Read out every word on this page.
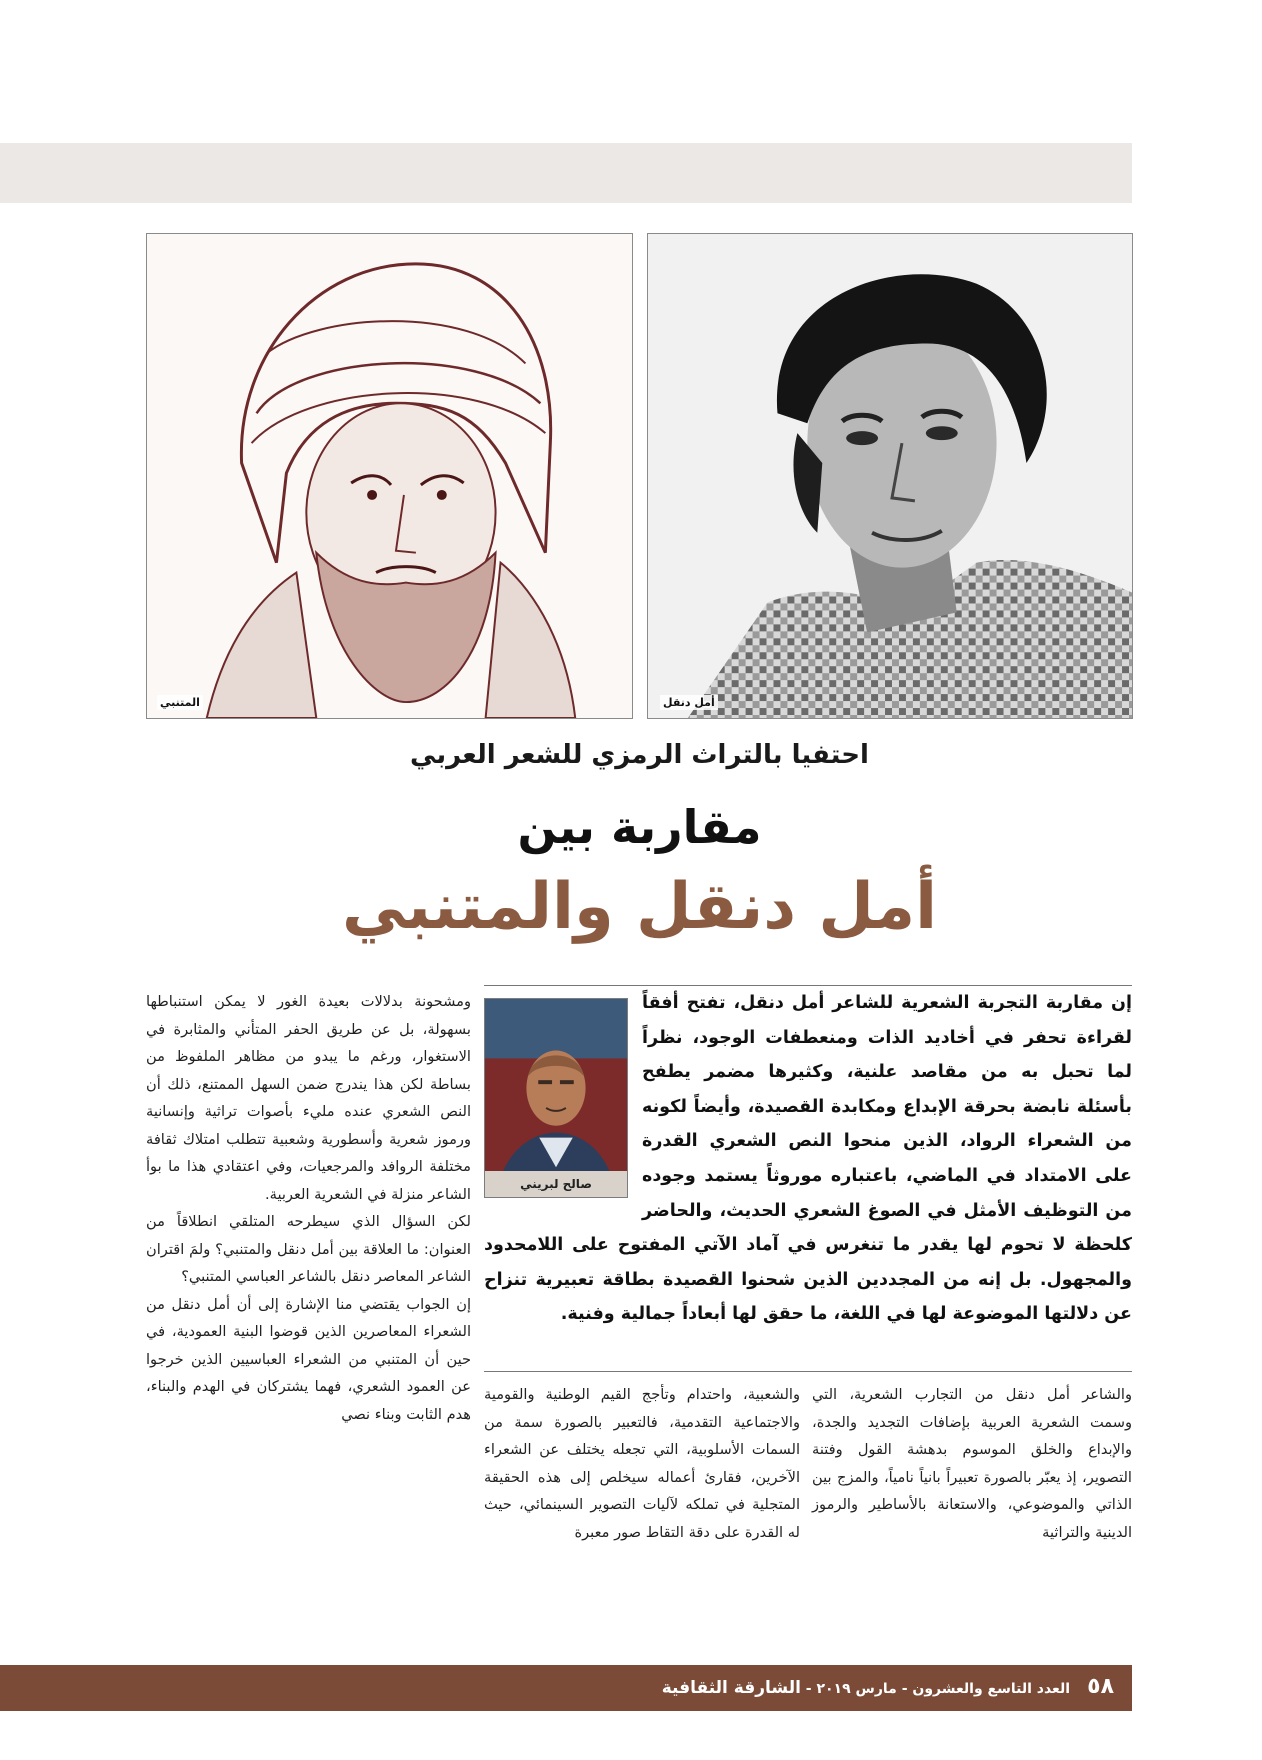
المتنبي	أمل دنقل
احتفيا بالتراث الرمزي للشعر العربي
مقاربة بين
أمل دنقل والمتنبي
صالح لبريني
إن مقاربة التجربة الشعرية للشاعر أمل دنقل، تفتح أفقاً لقراءة تحفر في أخاديد الذات ومنعطفات الوجود، نظراً لما تحبل به من مقاصد علنية، وكثيرها مضمر يطفح بأسئلة نابضة بحرقة الإبداع ومكابدة القصيدة، وأيضاً لكونه من الشعراء الرواد، الذين منحوا النص الشعري القدرة على الامتداد في الماضي، باعتباره موروثاً يستمد وجوده من التوظيف الأمثل في الصوغ الشعري الحديث، والحاضر كلحظة لا تحوم لها يقدر ما تنغرس في آماد الآتي المفتوح على اللامحدود والمجهول. بل إنه من المجددين الذين شحنوا القصيدة بطاقة تعبيرية تنزاح عن دلالتها الموضوعة لها في اللغة، ما حقق لها أبعاداً جمالية وفنية.

ومشحونة بدلالات بعيدة الغور لا يمكن استنباطها بسهولة، بل عن طريق الحفر المتأني والمثابرة في الاستغوار، ورغم ما يبدو من مظاهر الملفوظ من بساطة لكن هذا يندرج ضمن السهل الممتنع، ذلك أن النص الشعري عنده مليء بأصوات تراثية وإنسانية ورموز شعرية وأسطورية وشعبية تتطلب امتلاك ثقافة مختلفة الروافد والمرجعيات، وفي اعتقادي هذا ما بوأ الشاعر منزلة في الشعرية العربية.

لكن السؤال الذي سيطرحه المتلقي انطلاقاً من العنوان: ما العلاقة بين أمل دنقل والمتنبي؟ ولمَ اقتران الشاعر المعاصر دنقل بالشاعر العباسي المتنبي؟

إن الجواب يقتضي منا الإشارة إلى أن أمل دنقل من الشعراء المعاصرين الذين قوضوا البنية العمودية، في حين أن المتنبي من الشعراء العباسيين الذين خرجوا عن العمود الشعري، فهما يشتركان في الهدم والبناء، هدم الثابت وبناء نصي

والشعبية، واحتدام وتأجج القيم الوطنية والقومية والاجتماعية التقدمية، فالتعبير بالصورة سمة من السمات الأسلوبية، التي تجعله يختلف عن الشعراء الآخرين، فقارئ أعماله سيخلص إلى هذه الحقيقة المتجلية في تملكه لآليات التصوير السينمائي، حيث له القدرة على دقة التقاط صور معبرة

والشاعر أمل دنقل من التجارب الشعرية، التي وسمت الشعرية العربية بإضافات التجديد والجدة، والإبداع والخلق الموسوم بدهشة القول وفتنة التصوير، إذ يعبّر بالصورة تعبيراً بانياً نامياً، والمزج بين الذاتي والموضوعي، والاستعانة بالأساطير والرموز الدينية والتراثية

٥٨
العدد التاسع والعشرون - مارس ٢٠١٩ - الشارقة الثقافية
